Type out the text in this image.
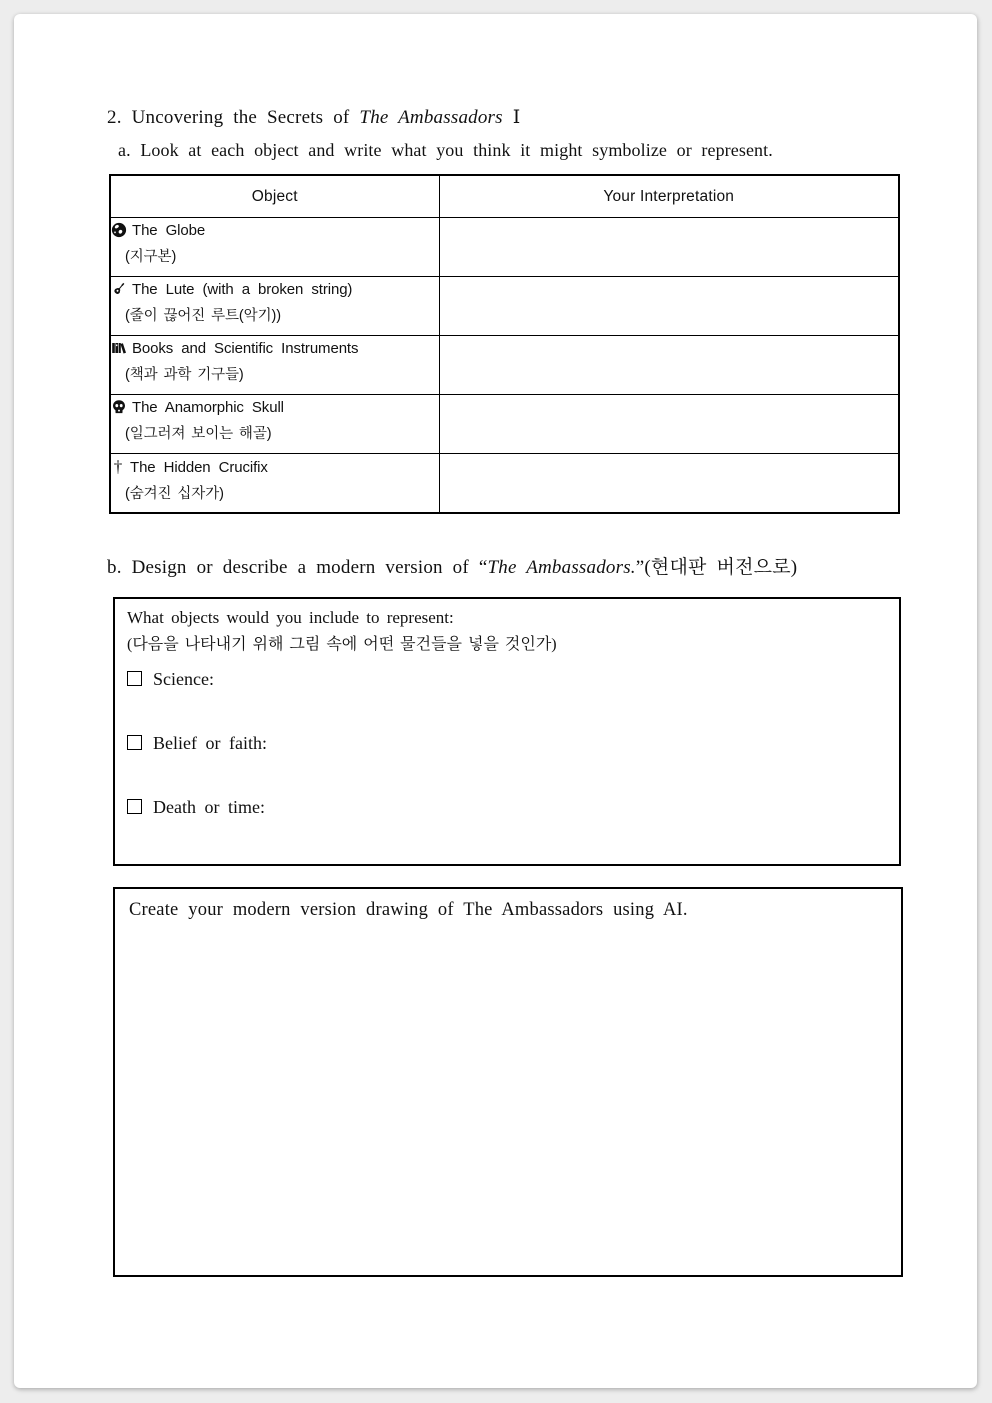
2. Uncovering the Secrets of The Ambassadors Ⅰ
a. Look at each object and write what you think it might symbolize or represent.
Object	Your Interpretation

The Globe
(지구본)	

The Lute (with a broken string)
(줄이 끊어진 루트(악기))	

Books and Scientific Instruments
(책과 과학 기구들)	

The Anamorphic Skull
(일그러져 보이는 해골)	

† The Hidden Crucifix
(숨겨진 십자가)	

b. Design or describe a modern version of “The Ambassadors.”(현대판 버전으로)
What objects would you include to represent:
(다음을 나타내기 위해 그림 속에 어떤 물건들을 넣을 것인가)
Science:
Belief or faith:
Death or time:
Create your modern version drawing of The Ambassadors using AI.
